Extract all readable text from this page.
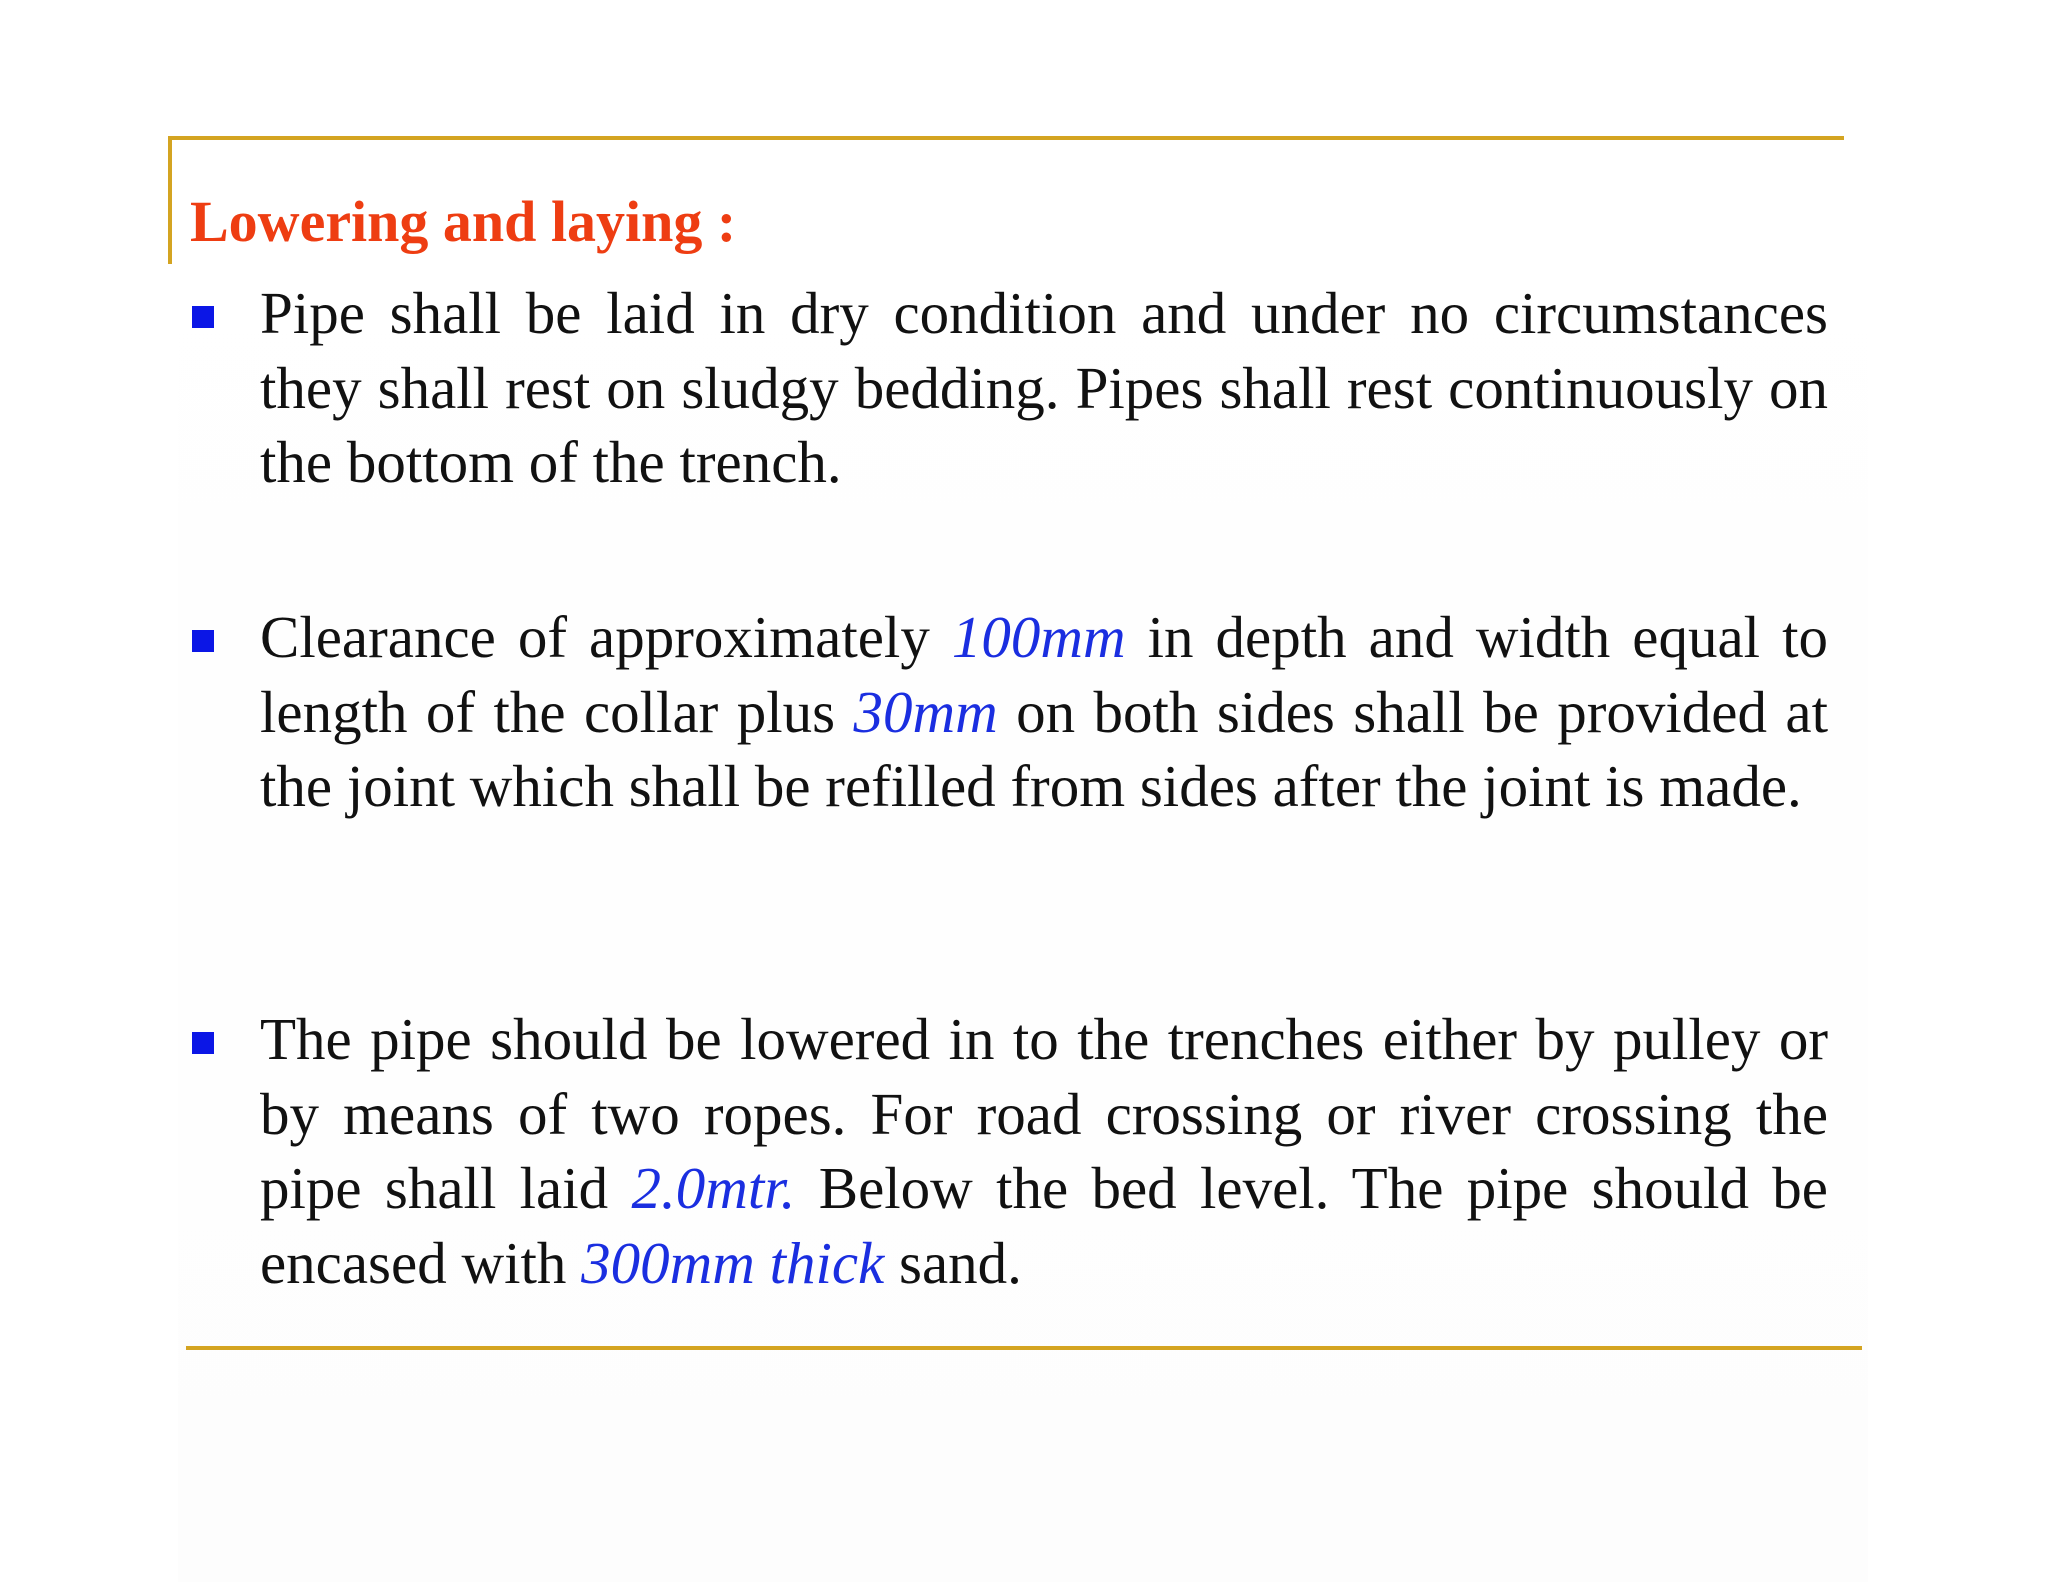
Lowering and laying :

Pipe shall be laid in dry condition and under no circumstances they shall rest on sludgy bedding. Pipes shall rest continuously on the bottom of the trench.

Clearance of approximately 100mm in depth and width equal to length of the collar plus 30mm on both sides shall be provided at the joint which shall be refilled from sides after the joint is made.

The pipe should be lowered in to the trenches either by pulley or by means of two ropes. For road crossing or river crossing the pipe shall laid 2.0mtr. Below the bed level. The pipe should be encased with 300mm thick sand.
